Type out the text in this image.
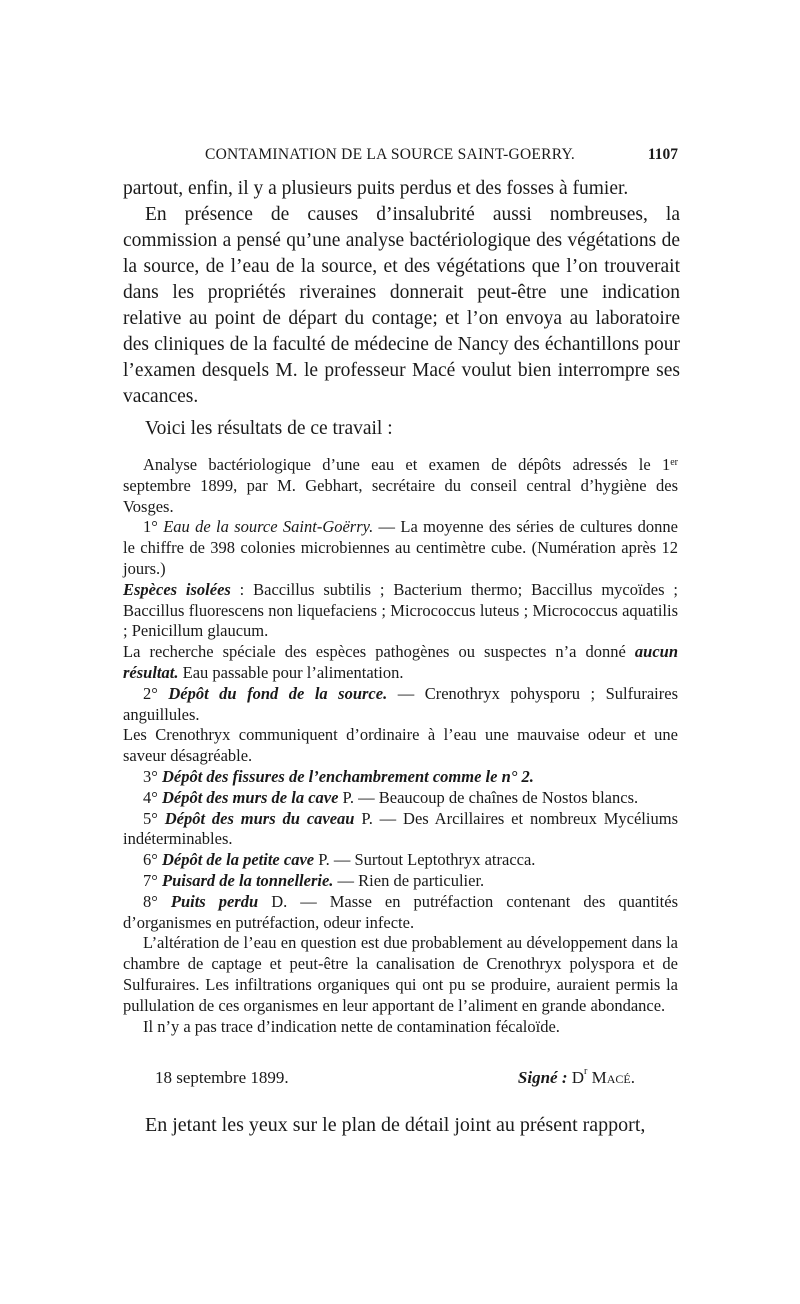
CONTAMINATION DE LA SOURCE SAINT-GOERRY.	1107

partout, enfin, il y a plusieurs puits perdus et des fosses à fumier.

En présence de causes d’insalubrité aussi nombreuses, la commission a pensé qu’une analyse bactériologique des végétations de la source, de l’eau de la source, et des végétations que l’on trouverait dans les propriétés riveraines donnerait peut-être une indication relative au point de départ du contage; et l’on envoya au laboratoire des cliniques de la faculté de médecine de Nancy des échantillons pour l’examen desquels M. le professeur Macé voulut bien interrompre ses vacances.

Voici les résultats de ce travail :

Analyse bactériologique d’une eau et examen de dépôts adressés le 1er septembre 1899, par M. Gebhart, secrétaire du conseil central d’hygiène des Vosges.

1° Eau de la source Saint-Goërry. — La moyenne des séries de cultures donne le chiffre de 398 colonies microbiennes au centimètre cube. (Numération après 12 jours.)

Espèces isolées : Baccillus subtilis ; Bacterium thermo; Baccillus mycoïdes ; Baccillus fluorescens non liquefaciens ; Micrococcus luteus ; Micrococcus aquatilis ; Penicillum glaucum.

La recherche spéciale des espèces pathogènes ou suspectes n’a donné aucun résultat. Eau passable pour l’alimentation.

2° Dépôt du fond de la source. — Crenothryx pohysporu ; Sulfuraires anguillules.

Les Crenothryx communiquent d’ordinaire à l’eau une mauvaise odeur et une saveur désagréable.

3° Dépôt des fissures de l’enchambrement comme le n° 2.

4° Dépôt des murs de la cave P. — Beaucoup de chaînes de Nostos blancs.

5° Dépôt des murs du caveau P. — Des Arcillaires et nombreux Mycéliums indéterminables.

6° Dépôt de la petite cave P. — Surtout Leptothryx atracca.

7° Puisard de la tonnellerie. — Rien de particulier.

8° Puits perdu D. — Masse en putréfaction contenant des quantités d’organismes en putréfaction, odeur infecte.

L’altération de l’eau en question est due probablement au développement dans la chambre de captage et peut-être la canalisation de Crenothryx polyspora et de Sulfuraires. Les infiltrations organiques qui ont pu se produire, auraient permis la pullulation de ces organismes en leur apportant de l’aliment en grande abondance.

Il n’y a pas trace d’indication nette de contamination fécaloïde.

18 septembre 1899.	Signé : $D^r$ Macé.
En jetant les yeux sur le plan de détail joint au présent rapport,
